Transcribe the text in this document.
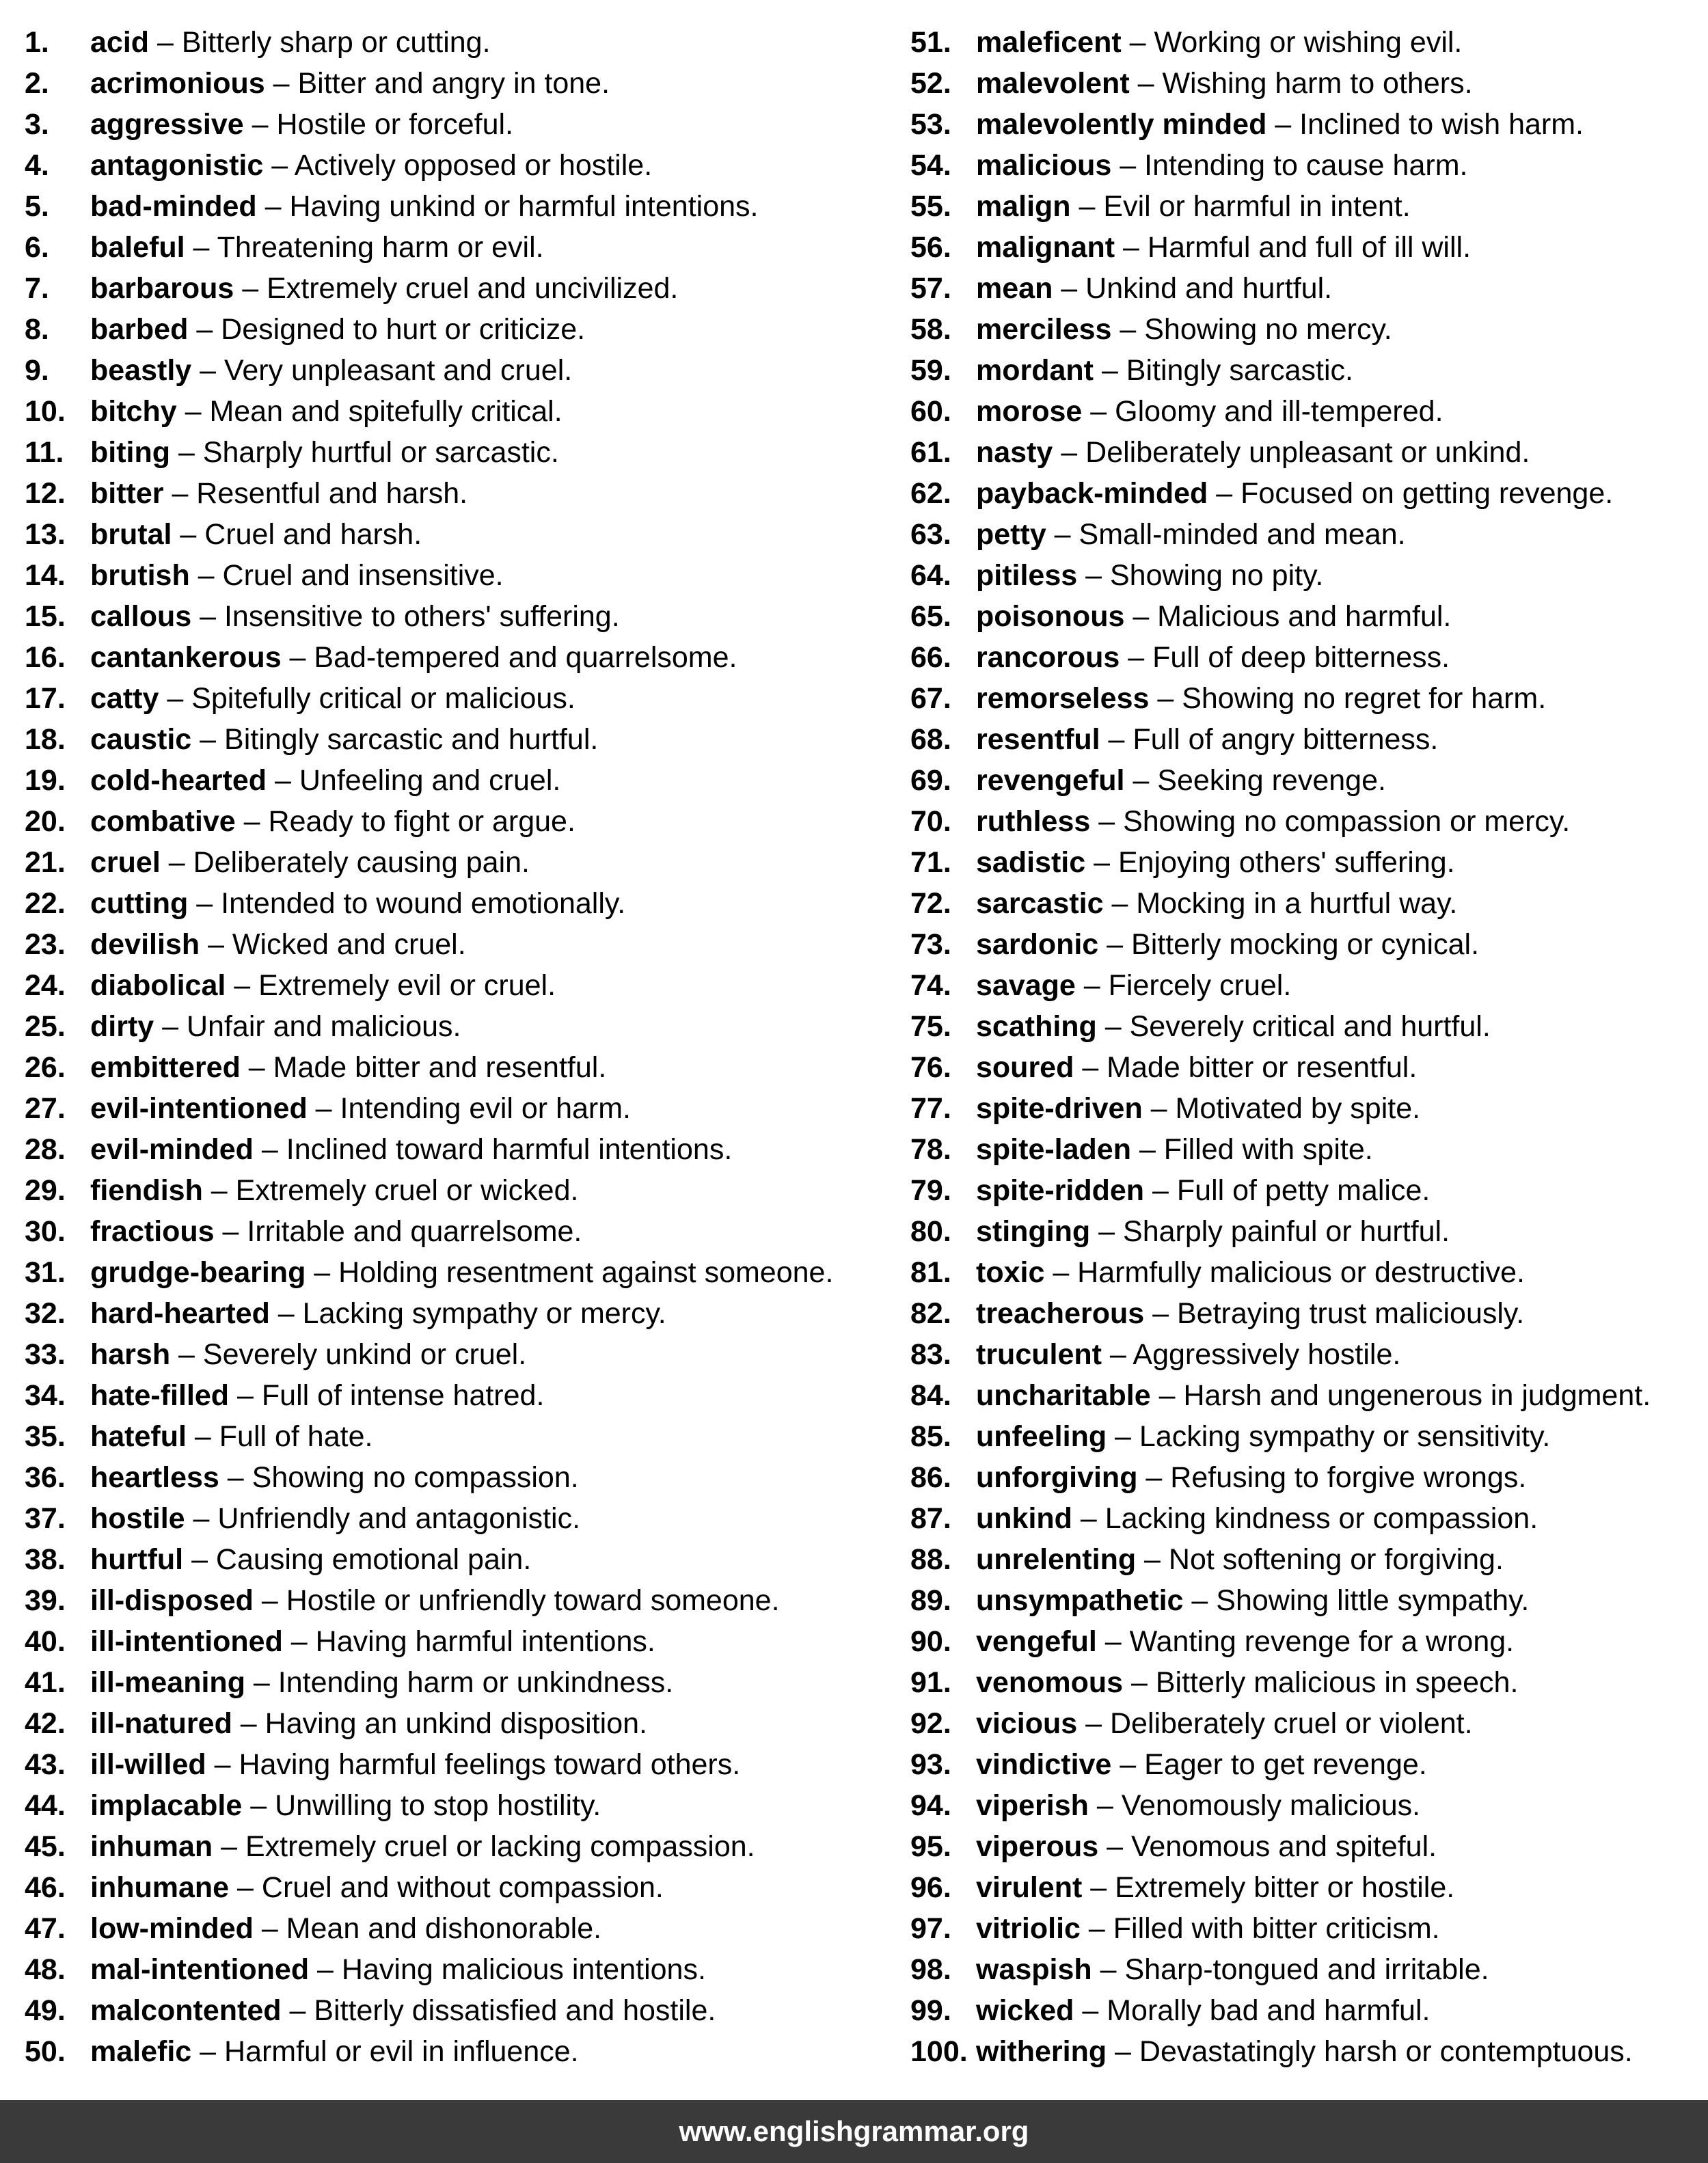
1. acid – Bitterly sharp or cutting.
2. acrimonious – Bitter and angry in tone.
3. aggressive – Hostile or forceful.
4. antagonistic – Actively opposed or hostile.
5. bad-minded – Having unkind or harmful intentions.
6. baleful – Threatening harm or evil.
7. barbarous – Extremely cruel and uncivilized.
8. barbed – Designed to hurt or criticize.
9. beastly – Very unpleasant and cruel.
10. bitchy – Mean and spitefully critical.
11. biting – Sharply hurtful or sarcastic.
12. bitter – Resentful and harsh.
13. brutal – Cruel and harsh.
14. brutish – Cruel and insensitive.
15. callous – Insensitive to others' suffering.
16. cantankerous – Bad-tempered and quarrelsome.
17. catty – Spitefully critical or malicious.
18. caustic – Bitingly sarcastic and hurtful.
19. cold-hearted – Unfeeling and cruel.
20. combative – Ready to fight or argue.
21. cruel – Deliberately causing pain.
22. cutting – Intended to wound emotionally.
23. devilish – Wicked and cruel.
24. diabolical – Extremely evil or cruel.
25. dirty – Unfair and malicious.
26. embittered – Made bitter and resentful.
27. evil-intentioned – Intending evil or harm.
28. evil-minded – Inclined toward harmful intentions.
29. fiendish – Extremely cruel or wicked.
30. fractious – Irritable and quarrelsome.
31. grudge-bearing – Holding resentment against someone.
32. hard-hearted – Lacking sympathy or mercy.
33. harsh – Severely unkind or cruel.
34. hate-filled – Full of intense hatred.
35. hateful – Full of hate.
36. heartless – Showing no compassion.
37. hostile – Unfriendly and antagonistic.
38. hurtful – Causing emotional pain.
39. ill-disposed – Hostile or unfriendly toward someone.
40. ill-intentioned – Having harmful intentions.
41. ill-meaning – Intending harm or unkindness.
42. ill-natured – Having an unkind disposition.
43. ill-willed – Having harmful feelings toward others.
44. implacable – Unwilling to stop hostility.
45. inhuman – Extremely cruel or lacking compassion.
46. inhumane – Cruel and without compassion.
47. low-minded – Mean and dishonorable.
48. mal-intentioned – Having malicious intentions.
49. malcontented – Bitterly dissatisfied and hostile.
50. malefic – Harmful or evil in influence.
51. maleficent – Working or wishing evil.
52. malevolent – Wishing harm to others.
53. malevolently minded – Inclined to wish harm.
54. malicious – Intending to cause harm.
55. malign – Evil or harmful in intent.
56. malignant – Harmful and full of ill will.
57. mean – Unkind and hurtful.
58. merciless – Showing no mercy.
59. mordant – Bitingly sarcastic.
60. morose – Gloomy and ill-tempered.
61. nasty – Deliberately unpleasant or unkind.
62. payback-minded – Focused on getting revenge.
63. petty – Small-minded and mean.
64. pitiless – Showing no pity.
65. poisonous – Malicious and harmful.
66. rancorous – Full of deep bitterness.
67. remorseless – Showing no regret for harm.
68. resentful – Full of angry bitterness.
69. revengeful – Seeking revenge.
70. ruthless – Showing no compassion or mercy.
71. sadistic – Enjoying others' suffering.
72. sarcastic – Mocking in a hurtful way.
73. sardonic – Bitterly mocking or cynical.
74. savage – Fiercely cruel.
75. scathing – Severely critical and hurtful.
76. soured – Made bitter or resentful.
77. spite-driven – Motivated by spite.
78. spite-laden – Filled with spite.
79. spite-ridden – Full of petty malice.
80. stinging – Sharply painful or hurtful.
81. toxic – Harmfully malicious or destructive.
82. treacherous – Betraying trust maliciously.
83. truculent – Aggressively hostile.
84. uncharitable – Harsh and ungenerous in judgment.
85. unfeeling – Lacking sympathy or sensitivity.
86. unforgiving – Refusing to forgive wrongs.
87. unkind – Lacking kindness or compassion.
88. unrelenting – Not softening or forgiving.
89. unsympathetic – Showing little sympathy.
90. vengeful – Wanting revenge for a wrong.
91. venomous – Bitterly malicious in speech.
92. vicious – Deliberately cruel or violent.
93. vindictive – Eager to get revenge.
94. viperish – Venomously malicious.
95. viperous – Venomous and spiteful.
96. virulent – Extremely bitter or hostile.
97. vitriolic – Filled with bitter criticism.
98. waspish – Sharp-tongued and irritable.
99. wicked – Morally bad and harmful.
100. withering – Devastatingly harsh or contemptuous.
www.englishgrammar.org
